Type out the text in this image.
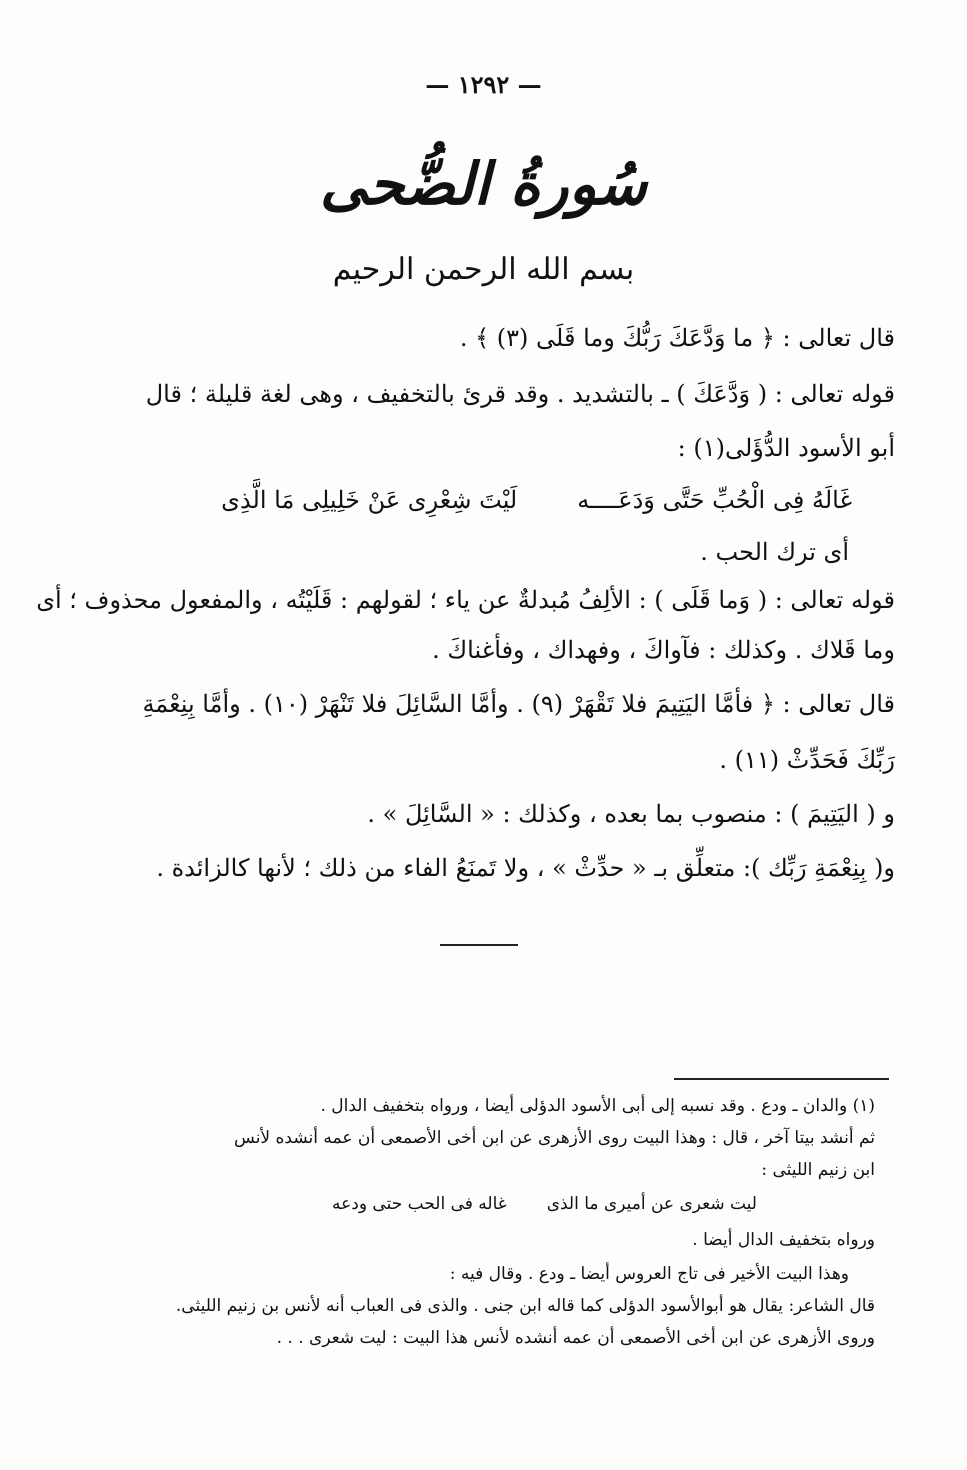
— ١٢٩٢ —
سُورةُ الضُّحى
بسم الله الرحمن الرحيم
قال تعالى : ﴿ ما وَدَّعَكَ رَبُّكَ وما قَلَى (٣) ﴾ .
قوله تعالى : ( وَدَّعَكَ ) ـ بالتشديد . وقد قرئ بالتخفيف ، وهى لغة قليلة ؛ قال
أبو الأسود الدُّؤَلى(١) :
لَيْتَ شِعْرِى عَنْ خَلِيلِى مَا الَّذِى	غَالَهُ فِى الْحُبِّ حَتَّى وَدَعَــــه
أى ترك الحب .
قوله تعالى : ( وَما قَلَى ) : الألِفُ مُبدلةٌ عن ياء ؛ لقولهم : قَلَيْتُه ، والمفعول محذوف ؛ أى
وما قَلاك . وكذلك : فآواكَ ، وفهداك ، وفأغناكَ .
قال تعالى : ﴿ فأمَّا اليَتِيمَ فلا تَقْهَرْ (٩) . وأمَّا السَّائِلَ فلا تَنْهَرْ (١٠) . وأمَّا بِنِعْمَةِ
رَبِّكَ فَحَدِّثْ (١١) .
و ( اليَتِيمَ ) : منصوب بما بعده ، وكذلك : « السَّائِلَ » .
و( بِنِعْمَةِ رَبِّك ): متعلِّق بـ « حدِّثْ » ، ولا تَمنَعُ الفاء من ذلك ؛ لأنها كالزائدة .
(١) والدان ـ ودع . وقد نسبه إلى أبى الأسود الدؤلى أيضا ، ورواه بتخفيف الدال .
ثم أنشد بيتا آخر ، قال : وهذا البيت روى الأزهرى عن ابن أخى الأصمعى أن عمه أنشده لأنس
ابن زنيم الليثى :
ليت شعرى عن أميرى ما الذىغاله فى الحب حتى ودعه
ورواه بتخفيف الدال أيضا .
وهذا البيت الأخير فى تاج العروس أيضا ـ ودع . وقال فيه :
قال الشاعر: يقال هو أبوالأسود الدؤلى كما قاله ابن جنى . والذى فى العباب أنه لأنس بن زنيم الليثى.
وروى الأزهرى عن ابن أخى الأصمعى أن عمه أنشده لأنس هذا البيت : ليت شعرى . . .
